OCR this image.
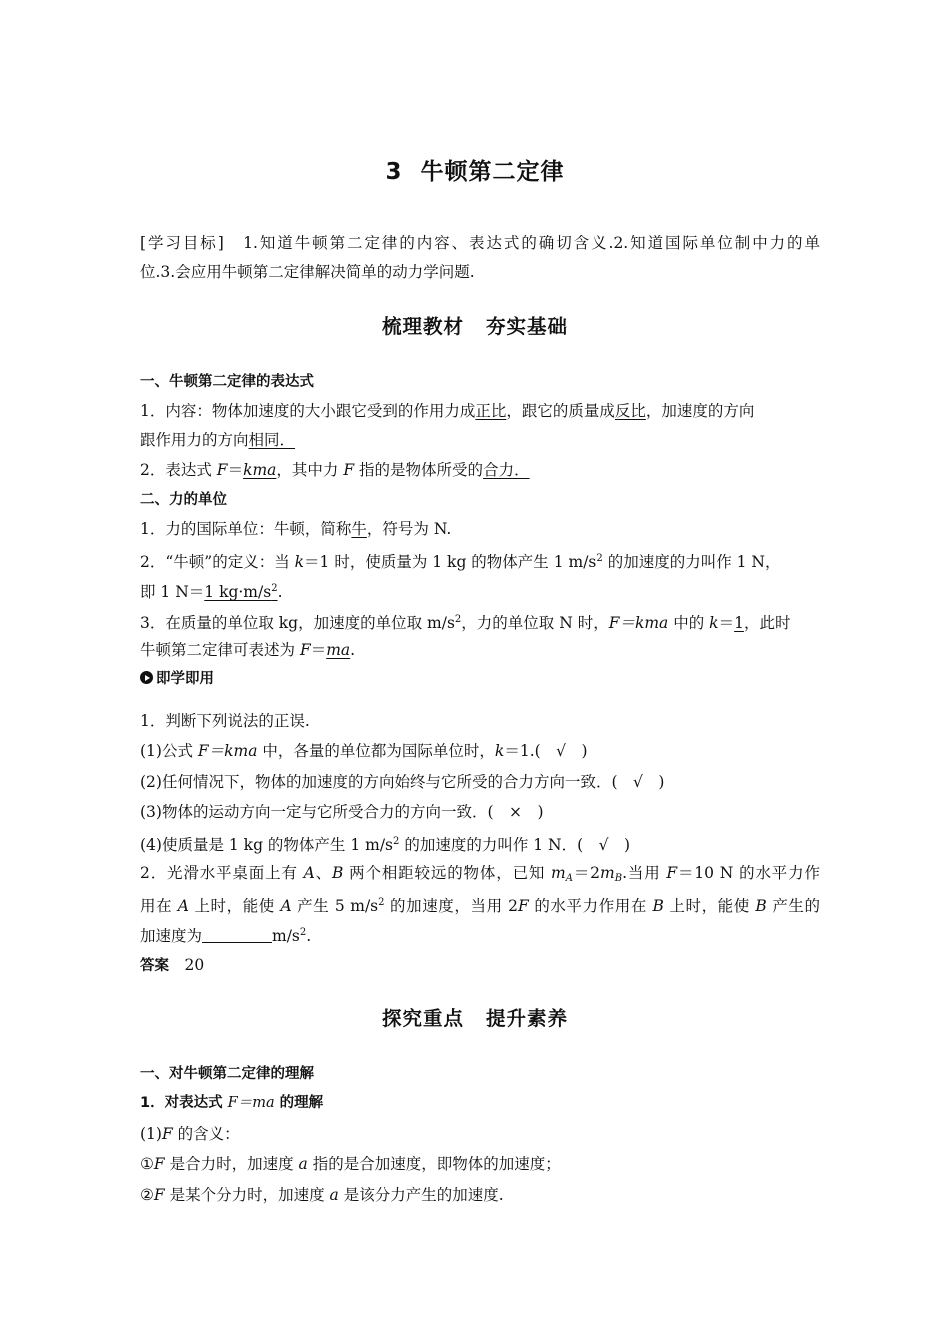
3 牛顿第二定律
[学习目标]　1.知道牛顿第二定律的内容、表达式的确切含义.2.知道国际单位制中力的单
位.3.会应用牛顿第二定律解决简单的动力学问题.
梳理教材 夯实基础
一、牛顿第二定律的表达式
1．内容：物体加速度的大小跟它受到的作用力成正比，跟它的质量成反比，加速度的方向
跟作用力的方向相同．
2．表达式 F＝kma，其中力 F 指的是物体所受的合力．
二、力的单位
1．力的国际单位：牛顿，简称牛，符号为 N.
2．“牛顿”的定义：当 k＝1 时，使质量为 1 kg 的物体产生 1 $m/s^2$ 的加速度的力叫作 1 N，
即 1 N＝1 $kg\cdot m/s^2$.
3．在质量的单位取 kg，加速度的单位取 $m/s^2$，力的单位取 N 时，F＝kma 中的 k＝1，此时
牛顿第二定律可表述为 F＝ma.
即学即用
1．判断下列说法的正误.
(1)公式 F＝kma 中，各量的单位都为国际单位时，k＝1.(　√　)
(2)任何情况下，物体的加速度的方向始终与它所受的合力方向一致．(　√　)
(3)物体的运动方向一定与它所受合力的方向一致．(　×　)
(4)使质量是 1 kg 的物体产生 1 $m/s^2$ 的加速度的力叫作 1 N．(　√　)
2．光滑水平桌面上有 A、B 两个相距较远的物体，已知 $m_A=2m_B$.当用 F＝10 N 的水平力作
用在 A 上时，能使 A 产生 5 $m/s^2$ 的加速度，当用 2F 的水平力作用在 B 上时，能使 B 产生的
加速度为	$m/s^2$.
答案　 20
探究重点 提升素养
一、对牛顿第二定律的理解
1．对表达式 F＝ma 的理解
(1)F 的含义：
①F 是合力时，加速度 a 指的是合加速度，即物体的加速度；
②F 是某个分力时，加速度 a 是该分力产生的加速度.
